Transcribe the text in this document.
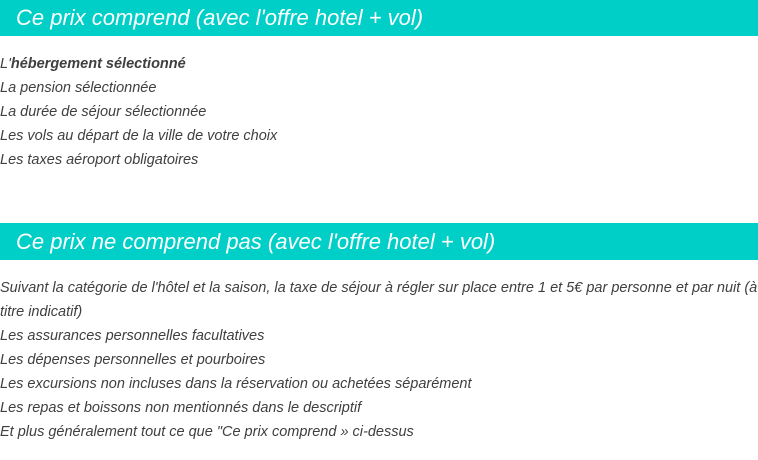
Ce prix comprend (avec l'offre hotel + vol)
L'hébergement sélectionné
La pension sélectionnée
La durée de séjour sélectionnée
Les vols au départ de la ville de votre choix
Les taxes aéroport obligatoires
Ce prix ne comprend pas (avec l'offre hotel + vol)
Suivant la catégorie de l'hôtel et la saison, la taxe de séjour à régler sur place entre 1 et 5€ par personne et par nuit (à titre indicatif)
Les assurances personnelles facultatives
Les dépenses personnelles et pourboires
Les excursions non incluses dans la réservation ou achetées séparément
Les repas et boissons non mentionnés dans le descriptif
Et plus généralement tout ce que "Ce prix comprend » ci-dessus
